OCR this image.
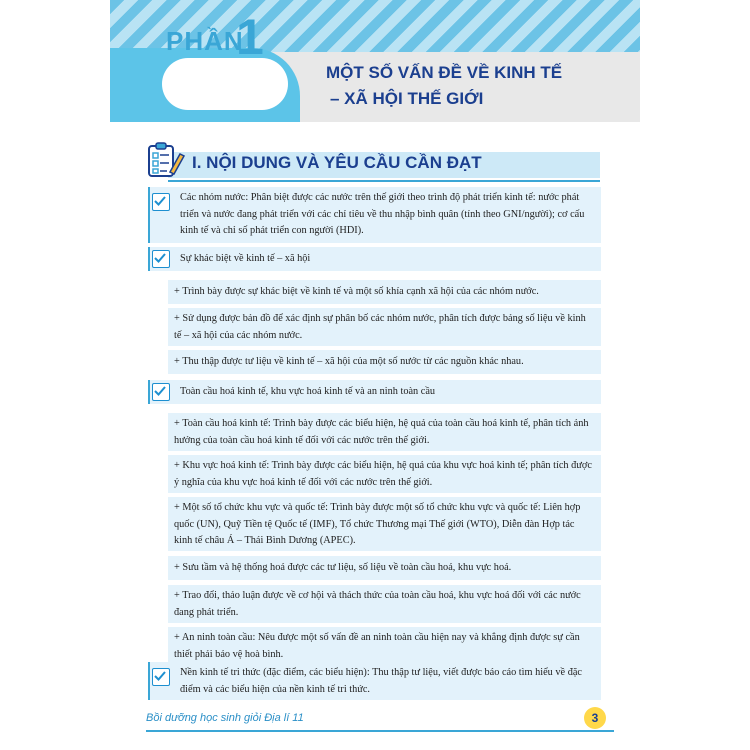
PHẦN
1
MỘT SỐ VẤN ĐỀ VỀ KINH TẾ
– XÃ HỘI THẾ GIỚI
I. NỘI DUNG VÀ YÊU CẦU CẦN ĐẠT
Các nhóm nước: Phân biệt được các nước trên thế giới theo trình độ phát triển kinh tế: nước phát triển và nước đang phát triển với các chỉ tiêu về thu nhập bình quân (tính theo GNI/người); cơ cấu kinh tế và chỉ số phát triển con người (HDI).
Sự khác biệt về kinh tế – xã hội
+ Trình bày được sự khác biệt về kinh tế và một số khía cạnh xã hội của các nhóm nước.
+ Sử dụng được bản đồ để xác định sự phân bố các nhóm nước, phân tích được bảng số liệu về kinh tế – xã hội của các nhóm nước.
+ Thu thập được tư liệu về kinh tế – xã hội của một số nước từ các nguồn khác nhau.
Toàn cầu hoá kinh tế, khu vực hoá kinh tế và an ninh toàn cầu
+ Toàn cầu hoá kinh tế: Trình bày được các biểu hiện, hệ quả của toàn cầu hoá kinh tế, phân tích ảnh hưởng của toàn cầu hoá kinh tế đối với các nước trên thế giới.
+ Khu vực hoá kinh tế: Trình bày được các biểu hiện, hệ quả của khu vực hoá kinh tế; phân tích được ý nghĩa của khu vực hoá kinh tế đối với các nước trên thế giới.
+ Một số tổ chức khu vực và quốc tế: Trình bày được một số tổ chức khu vực và quốc tế: Liên hợp quốc (UN), Quỹ Tiền tệ Quốc tế (IMF), Tổ chức Thương mại Thế giới (WTO), Diễn đàn Hợp tác kinh tế châu Á – Thái Bình Dương (APEC).
+ Sưu tầm và hệ thống hoá được các tư liệu, số liệu về toàn cầu hoá, khu vực hoá.
+ Trao đổi, thảo luận được về cơ hội và thách thức của toàn cầu hoá, khu vực hoá đối với các nước đang phát triển.
+ An ninh toàn cầu: Nêu được một số vấn đề an ninh toàn cầu hiện nay và khẳng định được sự cần thiết phải bảo vệ hoà bình.
Nền kinh tế tri thức (đặc điểm, các biểu hiện): Thu thập tư liệu, viết được báo cáo tìm hiểu về đặc điểm và các biểu hiện của nền kinh tế tri thức.
Bồi dưỡng học sinh giỏi Địa lí 11	3
